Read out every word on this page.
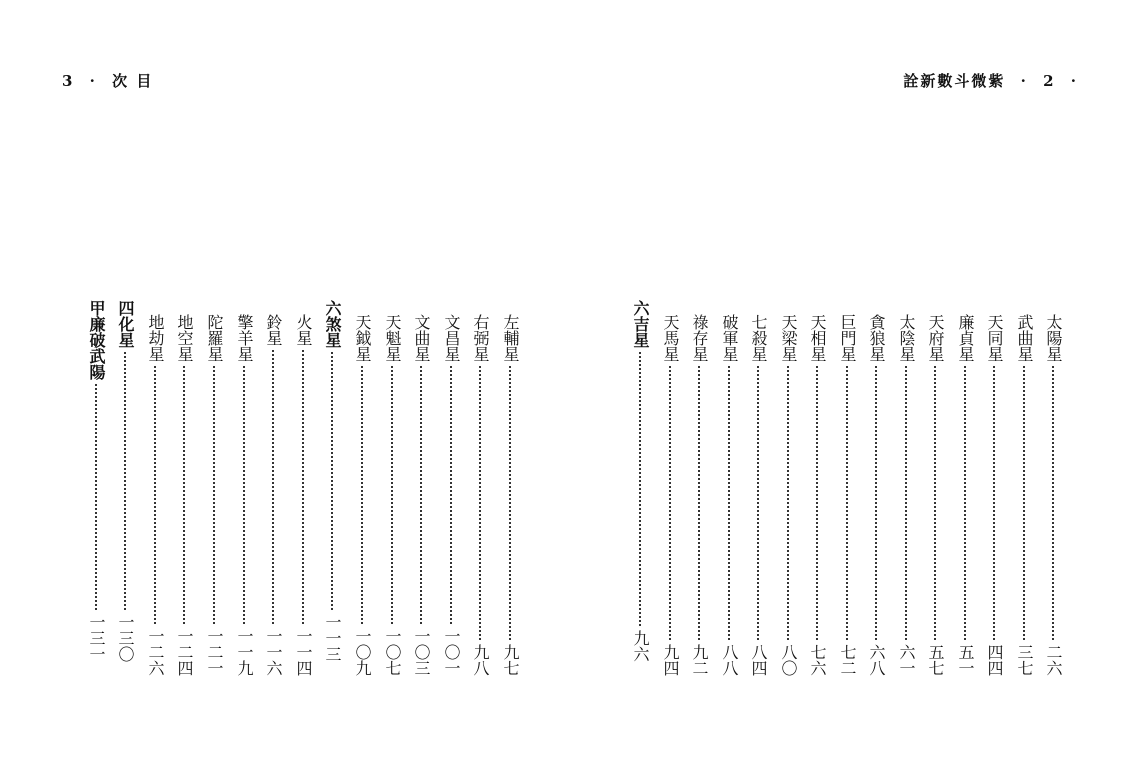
3 · 次 目	詮新數斗微紫 · 2 ·
太陽星
二六
武曲星
三七
天同星
四四
廉貞星
五一
天府星
五七
太陰星
六一
貪狼星
六八
巨門星
七二
天相星
七六
天梁星
八〇
七殺星
八四
破軍星
八八
祿存星
九二
天馬星
九四
六吉星
九六
左輔星
九七
右弼星
九八
文昌星
一〇一
文曲星
一〇三
天魁星
一〇七
天鉞星
一〇九
六煞星
一一三
火星
一一四
鈴星
一一六
擎羊星
一一九
陀羅星
一二一
地空星
一二四
地劫星
一二六
四化星
一三〇
甲廉破武陽
一三一
